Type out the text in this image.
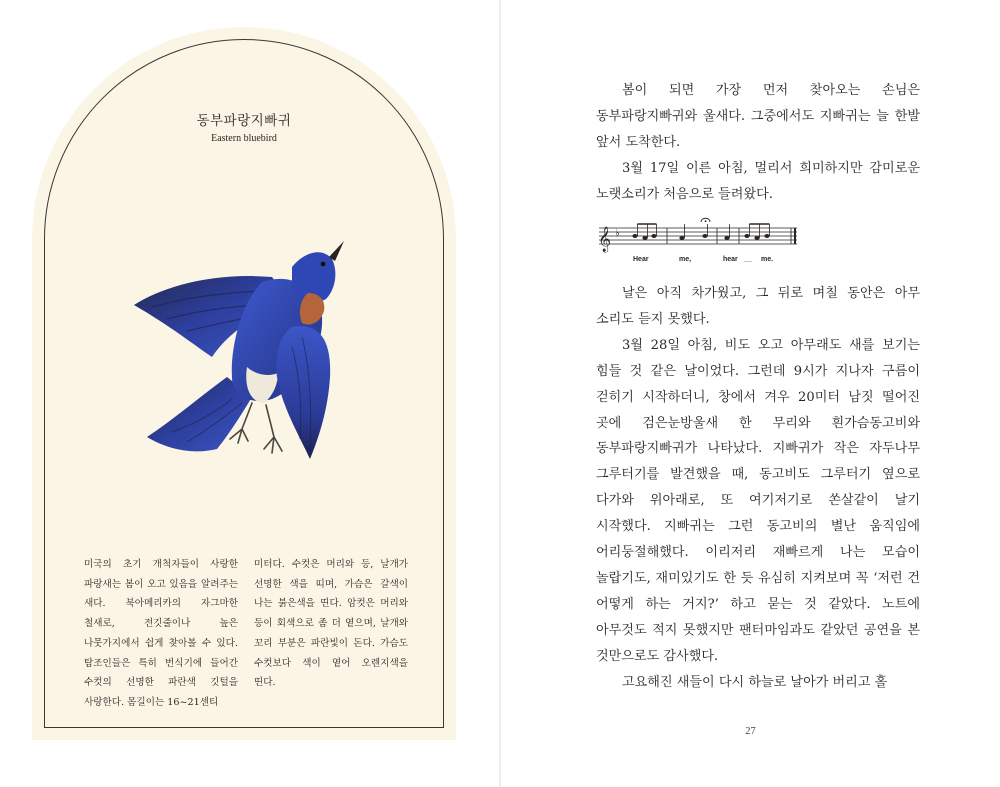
동부파랑지빠귀
Eastern bluebird
미국의 초기 개척자들이 사랑한 파랑새는 봄이 오고 있음을 알려주는 새다. 북아메리카의 자그마한 철새로, 전깃줄이나 높은 나뭇가지에서 쉽게 찾아볼 수 있다. 탐조인들은 특히 번식기에 들어간 수컷의 선명한 파란색 깃털을 사랑한다. 몸길이는 16~21센티
미터다. 수컷은 머리와 등, 날개가 선명한 색을 띠며, 가슴은 갈색이 나는 붉은색을 띤다. 암컷은 머리와 등이 회색으로 좀 더 옅으며, 날개와 꼬리 부분은 파란빛이 돈다. 가슴도 수컷보다 색이 옅어 오렌지색을 띤다.

봄이 되면 가장 먼저 찾아오는 손님은 동부파랑지빠귀와 울새다. 그중에서도 지빠귀는 늘 한발 앞서 도착한다.

3월 17일 이른 아침, 멀리서 희미하지만 감미로운 노랫소리가 처음으로 들려왔다.

𝄞 ♭
Hear	me,	hear __ me.

날은 아직 차가웠고, 그 뒤로 며칠 동안은 아무 소리도 듣지 못했다.

3월 28일 아침, 비도 오고 아무래도 새를 보기는 힘들 것 같은 날이었다. 그런데 9시가 지나자 구름이 걷히기 시작하더니, 창에서 겨우 20미터 남짓 떨어진 곳에 검은눈방울새 한 무리와 흰가슴동고비와 동부파랑지빠귀가 나타났다. 지빠귀가 작은 자두나무 그루터기를 발견했을 때, 동고비도 그루터기 옆으로 다가와 위아래로, 또 여기저기로 쏜살같이 날기 시작했다. 지빠귀는 그런 동고비의 별난 움직임에 어리둥절해했다. 이리저리 재빠르게 나는 모습이 놀랍기도, 재미있기도 한 듯 유심히 지켜보며 꼭 ‘저런 건 어떻게 하는 거지?’ 하고 묻는 것 같았다. 노트에 아무것도 적지 못했지만 팬터마임과도 같았던 공연을 본 것만으로도 감사했다.

고요해진 새들이 다시 하늘로 날아가 버리고 홀

27
